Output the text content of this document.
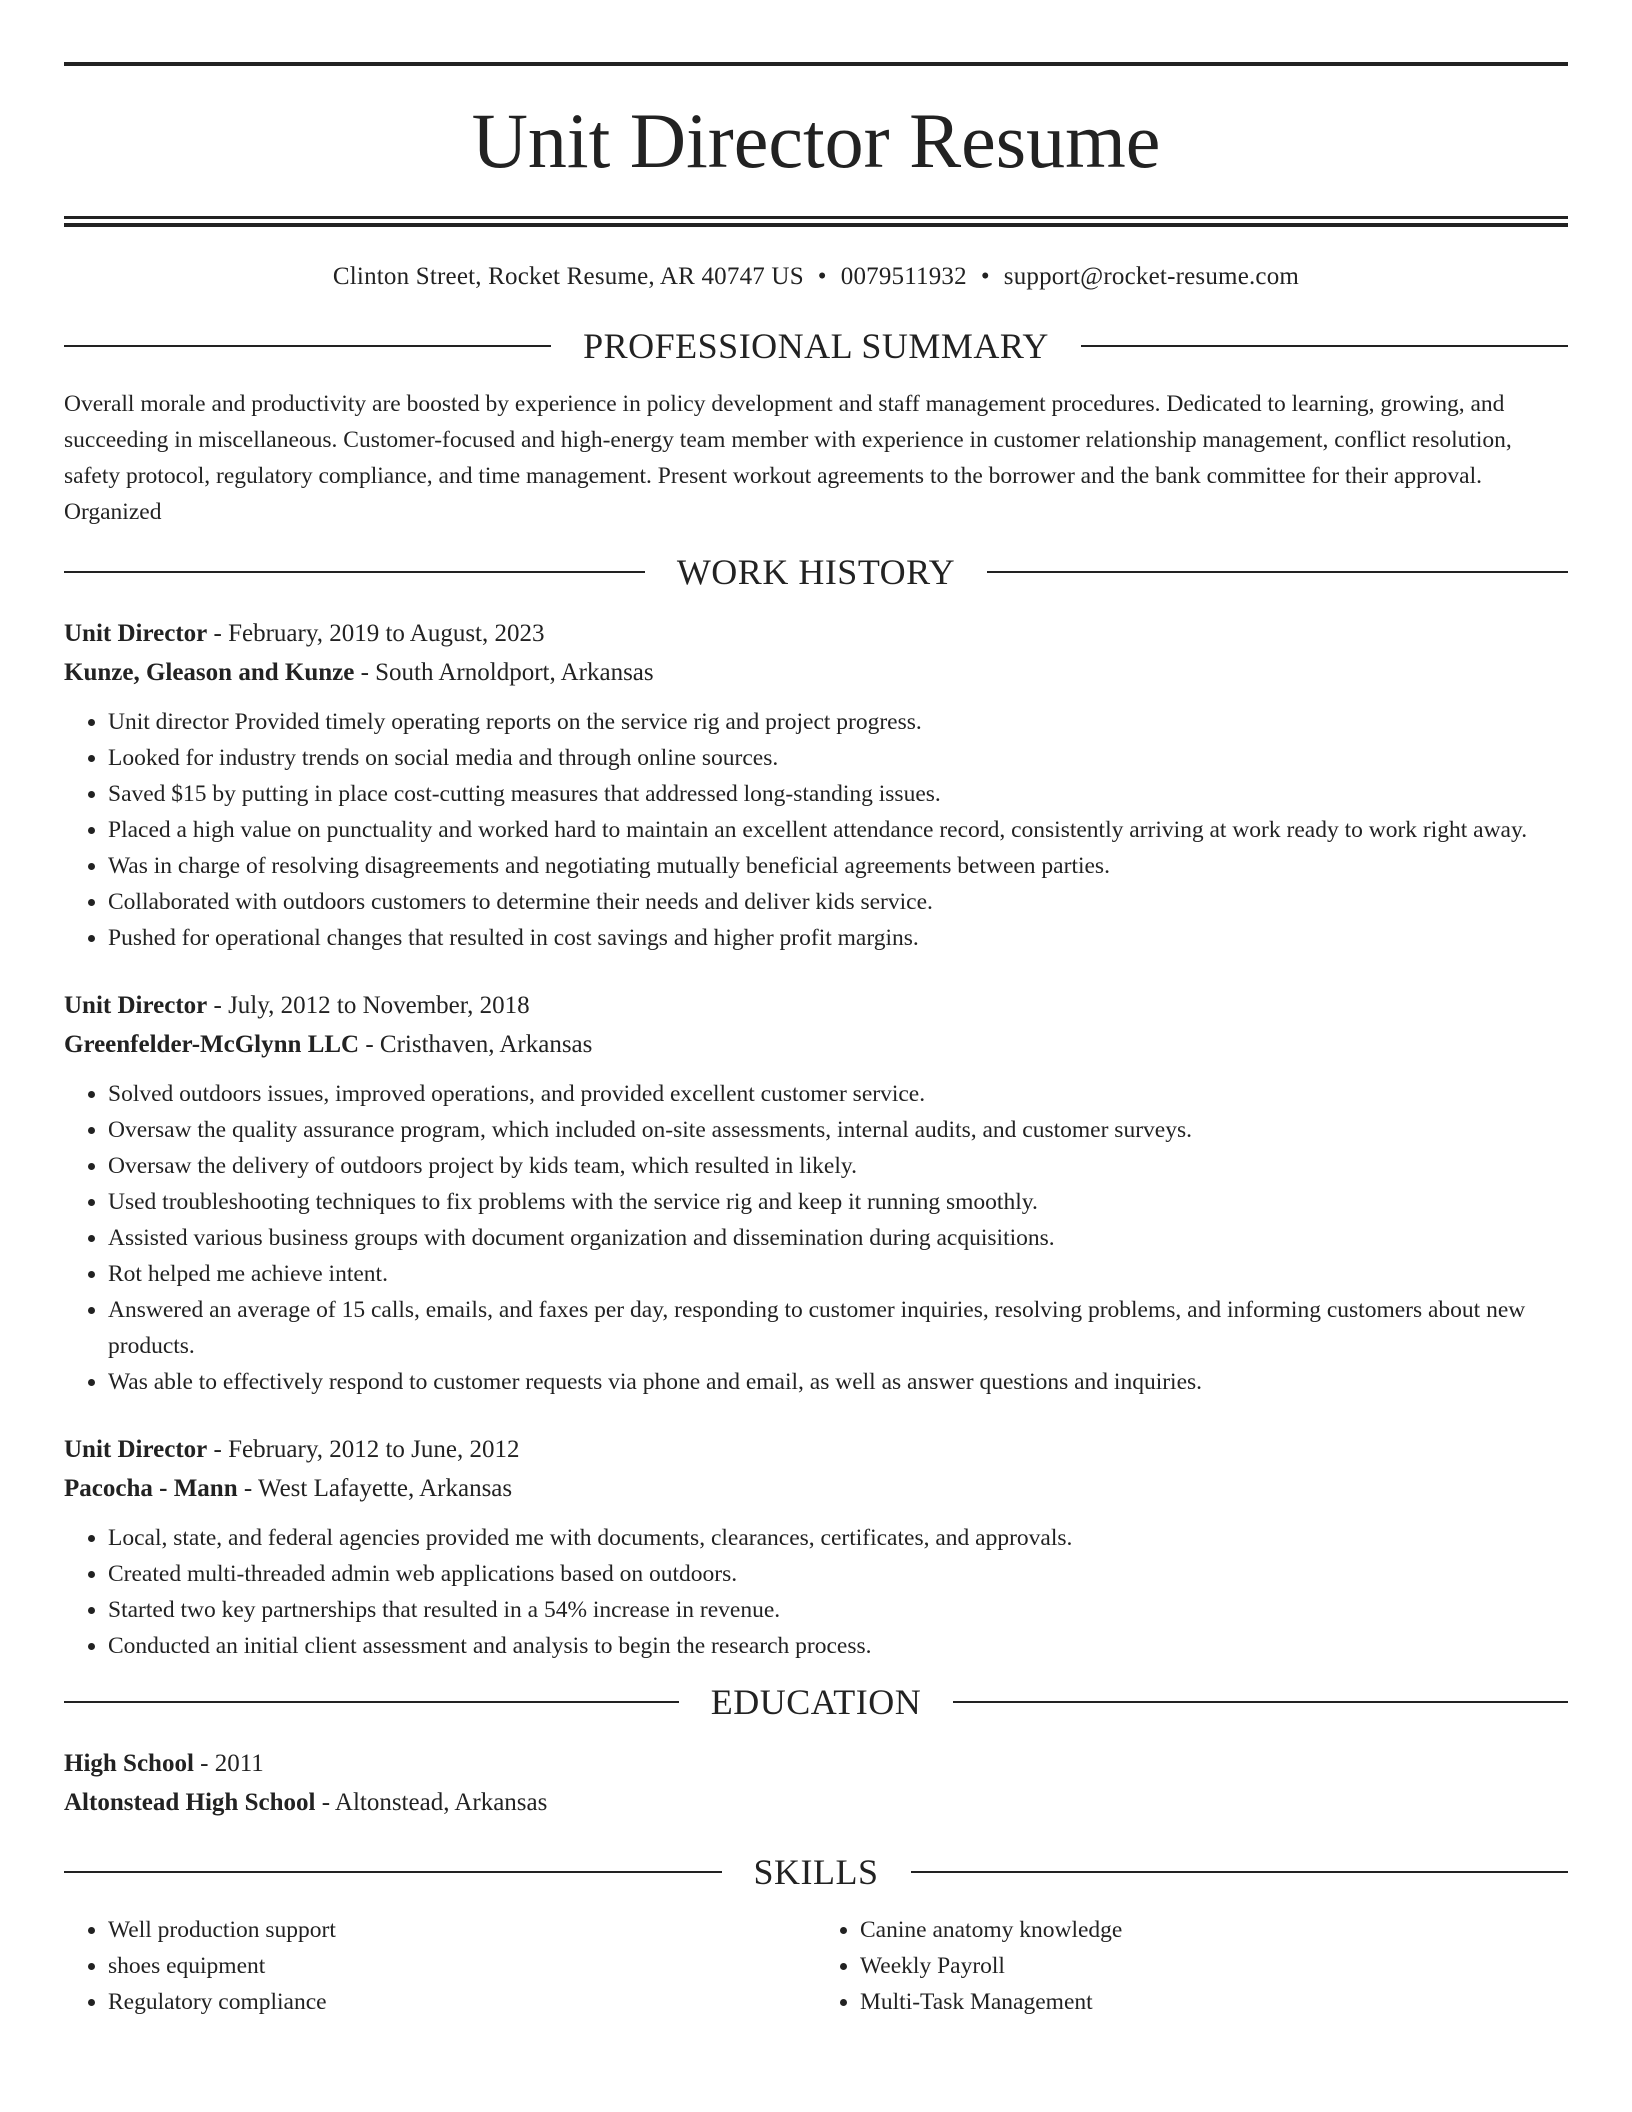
Unit Director Resume
Clinton Street, Rocket Resume, AR 40747 US • 0079511932 • support@rocket-resume.com
PROFESSIONAL SUMMARY

Overall morale and productivity are boosted by experience in policy development and staff management procedures. Dedicated to learning, growing, and succeeding in miscellaneous. Customer-focused and high-energy team member with experience in customer relationship management, conflict resolution, safety protocol, regulatory compliance, and time management. Present workout agreements to the borrower and the bank committee for their approval. Organized

WORK HISTORY
Unit Director - February, 2019 to August, 2023
Kunze, Gleason and Kunze - South Arnoldport, Arkansas
• Unit director Provided timely operating reports on the service rig and project progress.
• Looked for industry trends on social media and through online sources.
• Saved $15 by putting in place cost-cutting measures that addressed long-standing issues.
• Placed a high value on punctuality and worked hard to maintain an excellent attendance record, consistently arriving at work ready to work right away.
• Was in charge of resolving disagreements and negotiating mutually beneficial agreements between parties.
• Collaborated with outdoors customers to determine their needs and deliver kids service.
• Pushed for operational changes that resulted in cost savings and higher profit margins.
Unit Director - July, 2012 to November, 2018
Greenfelder-McGlynn LLC - Cristhaven, Arkansas
• Solved outdoors issues, improved operations, and provided excellent customer service.
• Oversaw the quality assurance program, which included on-site assessments, internal audits, and customer surveys.
• Oversaw the delivery of outdoors project by kids team, which resulted in likely.
• Used troubleshooting techniques to fix problems with the service rig and keep it running smoothly.
• Assisted various business groups with document organization and dissemination during acquisitions.
• Rot helped me achieve intent.
• Answered an average of 15 calls, emails, and faxes per day, responding to customer inquiries, resolving problems, and informing customers about new products.
• Was able to effectively respond to customer requests via phone and email, as well as answer questions and inquiries.
Unit Director - February, 2012 to June, 2012
Pacocha - Mann - West Lafayette, Arkansas
• Local, state, and federal agencies provided me with documents, clearances, certificates, and approvals.
• Created multi-threaded admin web applications based on outdoors.
• Started two key partnerships that resulted in a 54% increase in revenue.
• Conducted an initial client assessment and analysis to begin the research process.
EDUCATION
High School - 2011
Altonstead High School - Altonstead, Arkansas
SKILLS
• Well production support
• shoes equipment
• Regulatory compliance
• Canine anatomy knowledge
• Weekly Payroll
• Multi-Task Management
